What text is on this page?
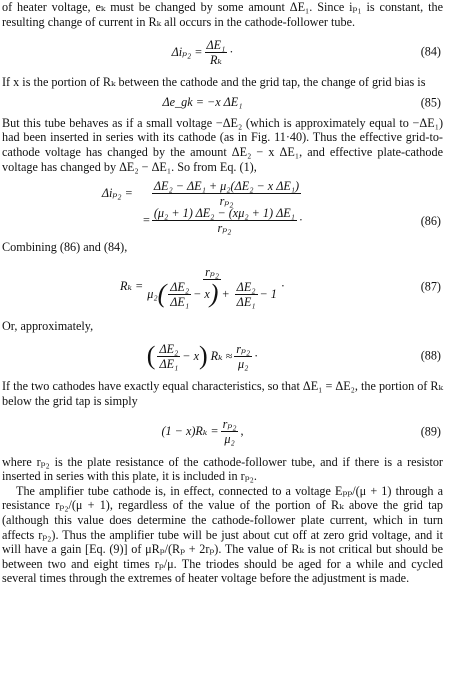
of heater voltage, eₖ must be changed by some amount ΔE₁. Since iₚ₁ is constant, the resulting change of current in Rₖ all occurs in the cathode-follower tube.

$\Delta i_{p2} = \frac{\text{ΔE₁}}{\text{Rₖ}}$ ·	(84)

If x is the portion of Rₖ between the cathode and the grid tap, the change of grid bias is

Δe_gk = −x ΔE₁	(85)

But this tube behaves as if a small voltage −ΔE₂ (which is approximately equal to −ΔE₁) had been inserted in series with its cathode (as in Fig. 11·40). Thus the effective grid-to-cathode voltage has changed by the amount ΔE₂ − x ΔE₁, and effective plate-cathode voltage has changed by ΔE₂ − ΔE₁. So from Eq. (1),

Δiₚ₂ =	$\frac{\text{ΔE₂ − ΔE₁ + μ₂(ΔE₂ − x ΔE₁)}}{\text{rₚ₂}}$
= $\frac{\text{(μ₂ + 1) ΔE₂ − (xμ₂ + 1) ΔE₁}}{\text{rₚ₂}}$ ·	(86)

Combining (86) and (84),

Rₖ =
rₚ₂
μ₂ ( $\frac{\text{ΔE₂}}{\text{ΔE₁}} - x$ ) + $\frac{\text{ΔE₂}}{\text{ΔE₁}} - 1$
·	(87)

Or, approximately,

( $\frac{\text{ΔE₂}}{\text{ΔE₁}} - x$ ) $R_k \approx \frac{\text{rₚ₂}}{\text{μ₂}}$ ·	(88)

If the two cathodes have exactly equal characteristics, so that ΔE₁ = ΔE₂, the portion of Rₖ below the grid tap is simply

$(1 - x)R_k = \frac{\text{rₚ₂}}{\text{μ₂}}$ ,	(89)

where rₚ₂ is the plate resistance of the cathode-follower tube, and if there is a resistor inserted in series with this plate, it is included in rₚ₂.

The amplifier tube cathode is, in effect, connected to a voltage Eₚₚ/(μ + 1) through a resistance rₚ₂/(μ + 1), regardless of the value of the portion of Rₖ above the grid tap (although this value does determine the cathode-follower plate current, which in turn affects rₚ₂). Thus the amplifier tube will be just about cut off at zero grid voltage, and it will have a gain [Eq. (9)] of μRₚ/(Rₚ + 2rₚ). The value of Rₖ is not critical but should be between two and eight times rₚ/μ. The triodes should be aged for a while and cycled several times through the extremes of heater voltage before the adjustment is made.
